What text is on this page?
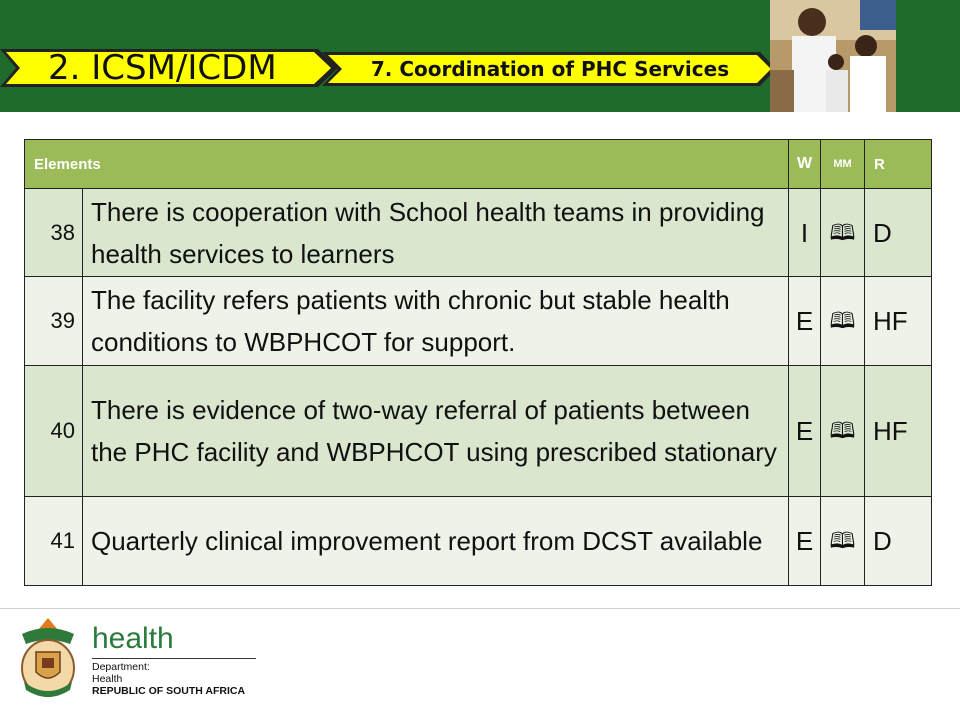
2. ICSM/ICDM	7. Coordination of PHC Services
Elements		W	MM	R
38	There is cooperation with School health teams in providing health services to learners	I	🕮	D
39	The facility refers patients with chronic but stable health conditions to WBPHCOT for support.	E	🕮	HF
40	There is evidence of two-way referral of patients between the PHC facility and WBPHCOT using prescribed stationary	E	🕮	HF
41	Quarterly clinical improvement report from DCST available	E	🕮	D
health
Department:
Health
REPUBLIC OF SOUTH AFRICA
